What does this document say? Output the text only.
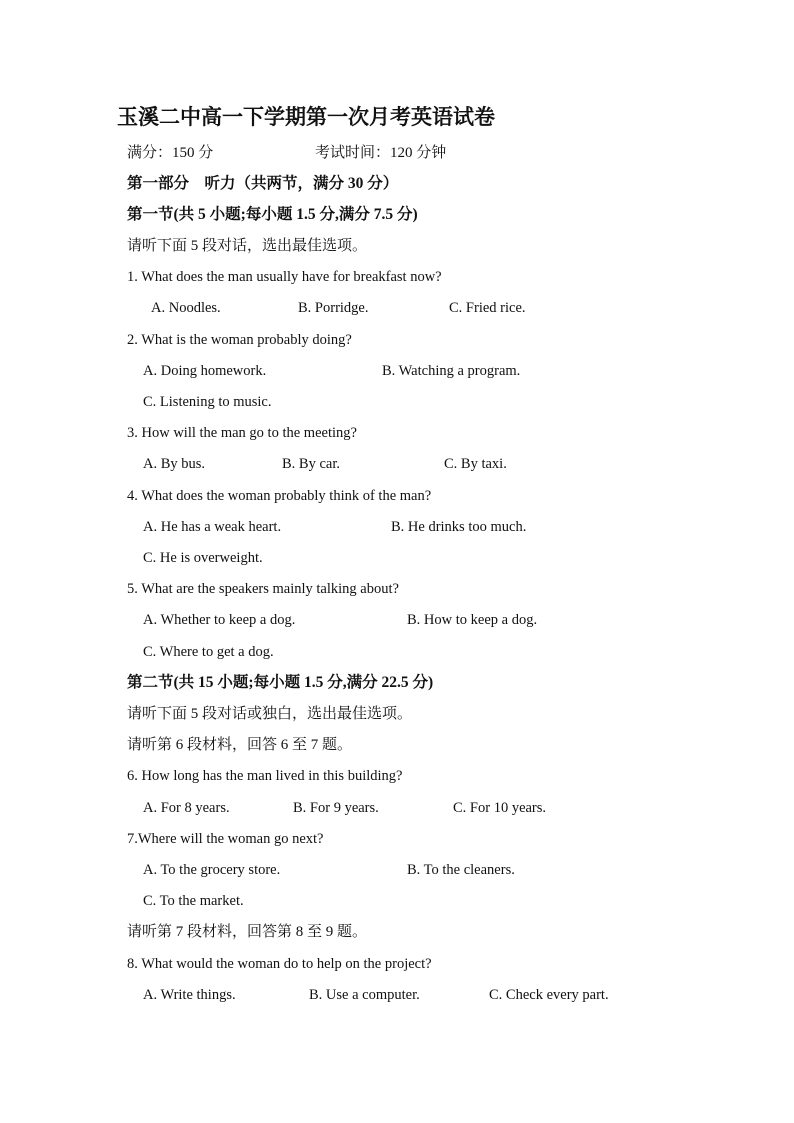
玉溪二中高一下学期第一次月考英语试卷
满分：150 分	考试时间：120 分钟
第一部分　听力（共两节，满分 30 分）
第一节(共 5 小题;每小题 1.5 分,满分 7.5 分)
请听下面 5 段对话，选出最佳选项。
1. What does the man usually have for breakfast now?
A. Noodles.	B. Porridge.	C. Fried rice.
2. What is the woman probably doing?
A. Doing homework.	B. Watching a program.
C. Listening to music.
3. How will the man go to the meeting?
A. By bus.	B. By car.	C. By taxi.
4. What does the woman probably think of the man?
A. He has a weak heart.	B. He drinks too much.
C. He is overweight.
5. What are the speakers mainly talking about?
A. Whether to keep a dog.	B. How to keep a dog.
C. Where to get a dog.
第二节(共 15 小题;每小题 1.5 分,满分 22.5 分)
请听下面 5 段对话或独白，选出最佳选项。
请听第 6 段材料，回答 6 至 7 题。
6. How long has the man lived in this building?
A. For 8 years.	B. For 9 years.	C. For 10 years.
7.Where will the woman go next?
A. To the grocery store.	B. To the cleaners.
C. To the market.
请听第 7 段材料，回答第 8 至 9 题。
8. What would the woman do to help on the project?
A. Write things.	B. Use a computer.	C. Check every part.
